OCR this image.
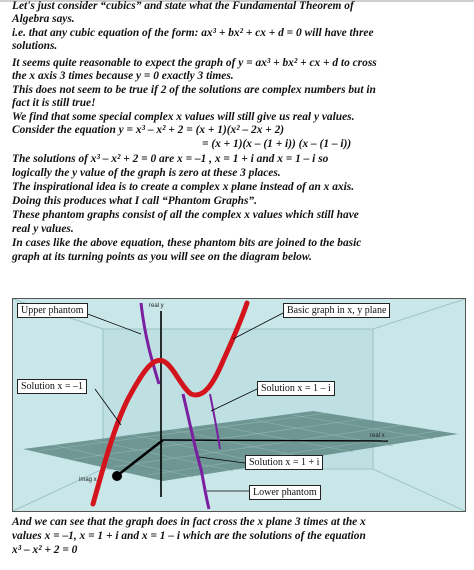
Let's just consider “cubics” and state what the Fundamental Theorem of
Algebra says.
i.e. that any cubic equation of the form: ax³ + bx² + cx + d = 0 will have three
solutions.
It seems quite reasonable to expect the graph of y = ax³ + bx² + cx + d to cross
the x axis 3 times because y = 0 exactly 3 times.
This does not seem to be true if 2 of the solutions are complex numbers but in
fact it is still true!
We find that some special complex x values will still give us real y values.
Consider the equation y = x³ – x² + 2 = (x + 1)(x² – 2x + 2)
= (x + 1)(x – (1 + i)) (x – (1 – i))
The solutions of x³ – x² + 2 = 0 are x = –1 , x = 1 + i and x = 1 – i so
logically the y value of the graph is zero at these 3 places.
The inspirational idea is to create a complex x plane instead of an x axis.
Doing this produces what I call “Phantom Graphs”.
These phantom graphs consist of all the complex x values which still have
real y values.
In cases like the above equation, these phantom bits are joined to the basic
graph at its turning points as you will see on the diagram below.
real y
real x
imag x
Upper phantom	Basic graph in x, y plane
Solution x = –1	Solution x = 1 – i
Solution x = 1 + i
Lower phantom
And we can see that the graph does in fact cross the x plane 3 times at the x
values x = –1, x = 1 + i and x = 1 – i which are the solutions of the equation
x³ – x² + 2 = 0
